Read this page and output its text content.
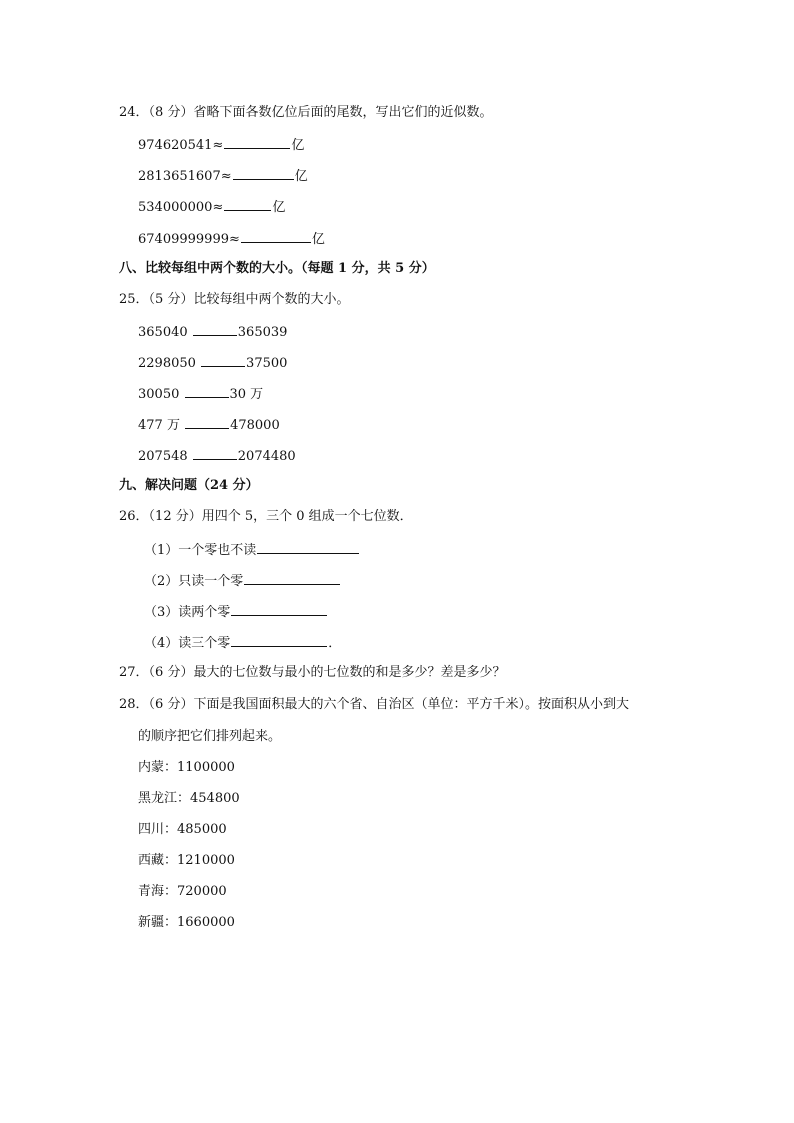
24．（8 分）省略下面各数亿位后面的尾数，写出它们的近似数。
974620541≈	亿
2813651607≈	亿
534000000≈	亿
67409999999≈	亿
八、比较每组中两个数的大小。（每题 1 分，共 5 分）
25．（5 分）比较每组中两个数的大小。
365040	365039
2298050	37500
30050	30 万
477 万	478000
207548	2074480
九、解决问题（24 分）
26．（12 分）用四个 5，三个 0 组成一个七位数．
（1）一个零也不读
（2）只读一个零
（3）读两个零
（4）读三个零	．
27．（6 分）最大的七位数与最小的七位数的和是多少？差是多少？
28．（6 分）下面是我国面积最大的六个省、自治区（单位：平方千米）。按面积从小到大
的顺序把它们排列起来。
内蒙：1100000
黑龙江：454800
四川：485000
西藏：1210000
青海：720000
新疆：1660000
